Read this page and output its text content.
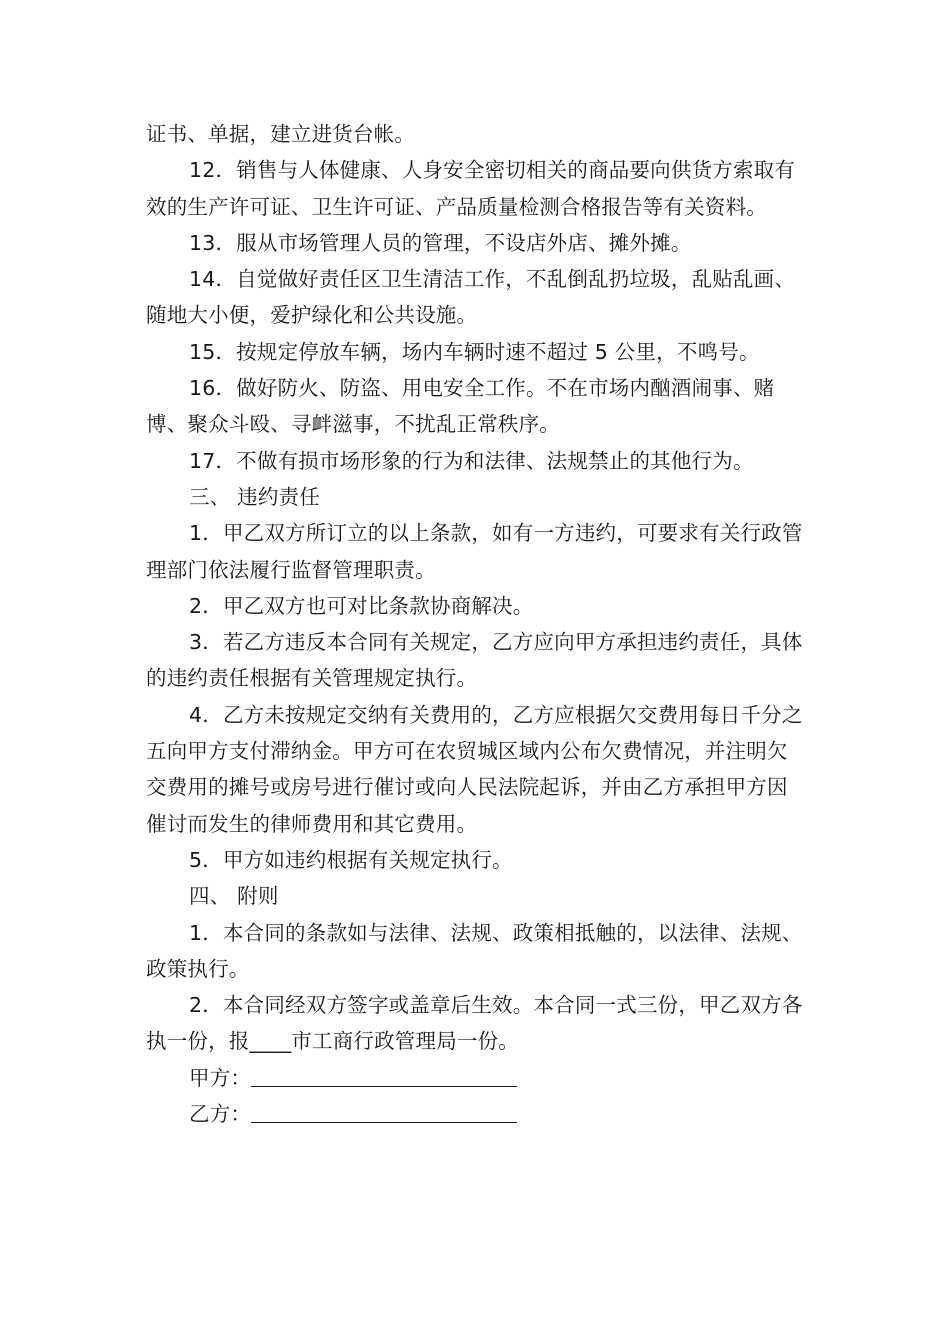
证书、单据，建立进货台帐。

12．销售与人体健康、人身安全密切相关的商品要向供货方索取有效的生产许可证、卫生许可证、产品质量检测合格报告等有关资料。

13．服从市场管理人员的管理，不设店外店、摊外摊。

14．自觉做好责任区卫生清洁工作，不乱倒乱扔垃圾，乱贴乱画、随地大小便，爱护绿化和公共设施。

15．按规定停放车辆，场内车辆时速不超过 5 公里，不鸣号。

16．做好防火、防盗、用电安全工作。不在市场内酗酒闹事、赌博、聚众斗殴、寻衅滋事，不扰乱正常秩序。

17．不做有损市场形象的行为和法律、法规禁止的其他行为。

三、 违约责任

1．甲乙双方所订立的以上条款，如有一方违约，可要求有关行政管理部门依法履行监督管理职责。

2．甲乙双方也可对比条款协商解决。

3．若乙方违反本合同有关规定，乙方应向甲方承担违约责任，具体的违约责任根据有关管理规定执行。

4．乙方未按规定交纳有关费用的，乙方应根据欠交费用每日千分之五向甲方支付滞纳金。甲方可在农贸城区域内公布欠费情况，并注明欠交费用的摊号或房号进行催讨或向人民法院起诉，并由乙方承担甲方因催讨而发生的律师费用和其它费用。

5．甲方如违约根据有关规定执行。

四、 附则

1．本合同的条款如与法律、法规、政策相抵触的，以法律、法规、政策执行。

2．本合同经双方签字或盖章后生效。本合同一式三份，甲乙双方各执一份，报____市工商行政管理局一份。

甲方：

乙方：
